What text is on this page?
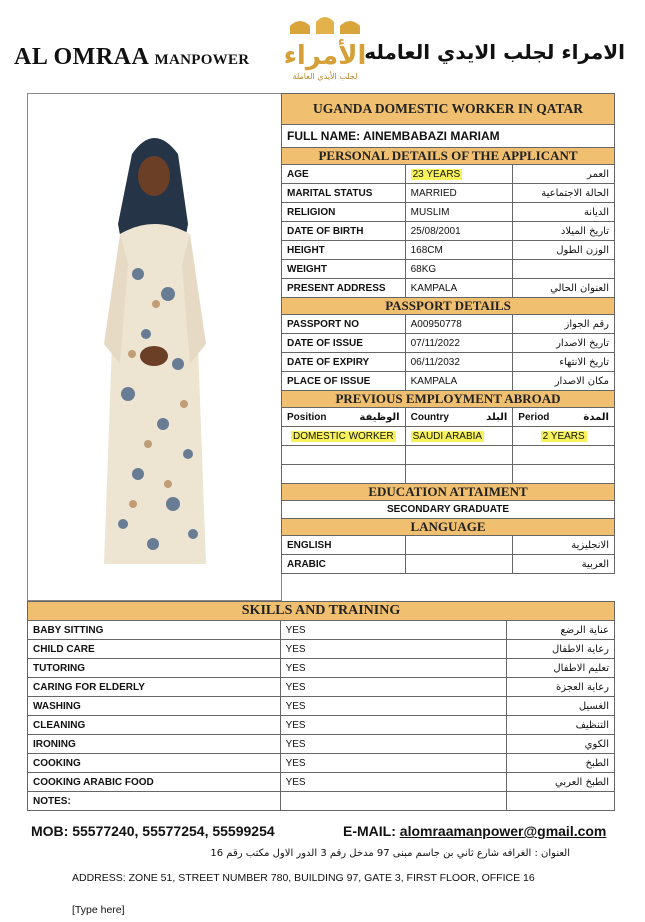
AL OMRAA MANPOWER الأمراء
لجلب الأيدي العاملة
الامراء لجلب الايدي العامله
UGANDA DOMESTIC WORKER IN QATAR		
FULL NAME: AINEMBABAZI MARIAM		
PERSONAL DETAILS OF THE APPLICANT		
AGE	23 YEARS	العمر
MARITAL STATUS	MARRIED	الحالة الاجتماعية
RELIGION	MUSLIM	الديانة
DATE OF BIRTH	25/08/2001	تاريخ الميلاد
HEIGHT	168CM	الوزن الطول
WEIGHT	68KG	
PRESENT ADDRESS	KAMPALA	العنوان الحالي
PASSPORT DETAILS		
PASSPORT NO	A00950778	رقم الجواز
DATE OF ISSUE	07/11/2022	تاريخ الاصدار
DATE OF EXPIRY	06/11/2032	تاريخ الانتهاء
PLACE OF ISSUE	KAMPALA	مكان الاصدار
PREVIOUS EMPLOYMENT ABROAD		
Position الوظيفة	Country البلد	Period المدة

DOMESTIC WORKER	SAUDI ARABIA	2 YEARS

EDUCATION ATTAIMENT		
SECONDARY GRADUATE		
LANGUAGE		
ENGLISH		الانجليزية
ARABIC		العربية
SKILLS AND TRAINING		
BABY SITTING	YES	عناية الرضع
CHILD CARE	YES	رعاية الاطفال
TUTORING	YES	تعليم الاطفال
CARING FOR ELDERLY	YES	رعاية العجزة
WASHING	YES	الغسيل
CLEANING	YES	التنظيف
IRONING	YES	الكوي
COOKING	YES	الطبخ
COOKING ARABIC FOOD	YES	الطبخ العربي
NOTES:		
MOB: 55577240, 55577254, 55599254	E-MAIL: alomraamanpower@gmail.com
العنوان : الغرافه شارع ثاني بن جاسم مبنى 97 مدخل رقم 3 الدور الاول مكتب رقم 16
ADDRESS: ZONE 51, STREET NUMBER 780, BUILDING 97, GATE 3, FIRST FLOOR, OFFICE 16
[Type here]
